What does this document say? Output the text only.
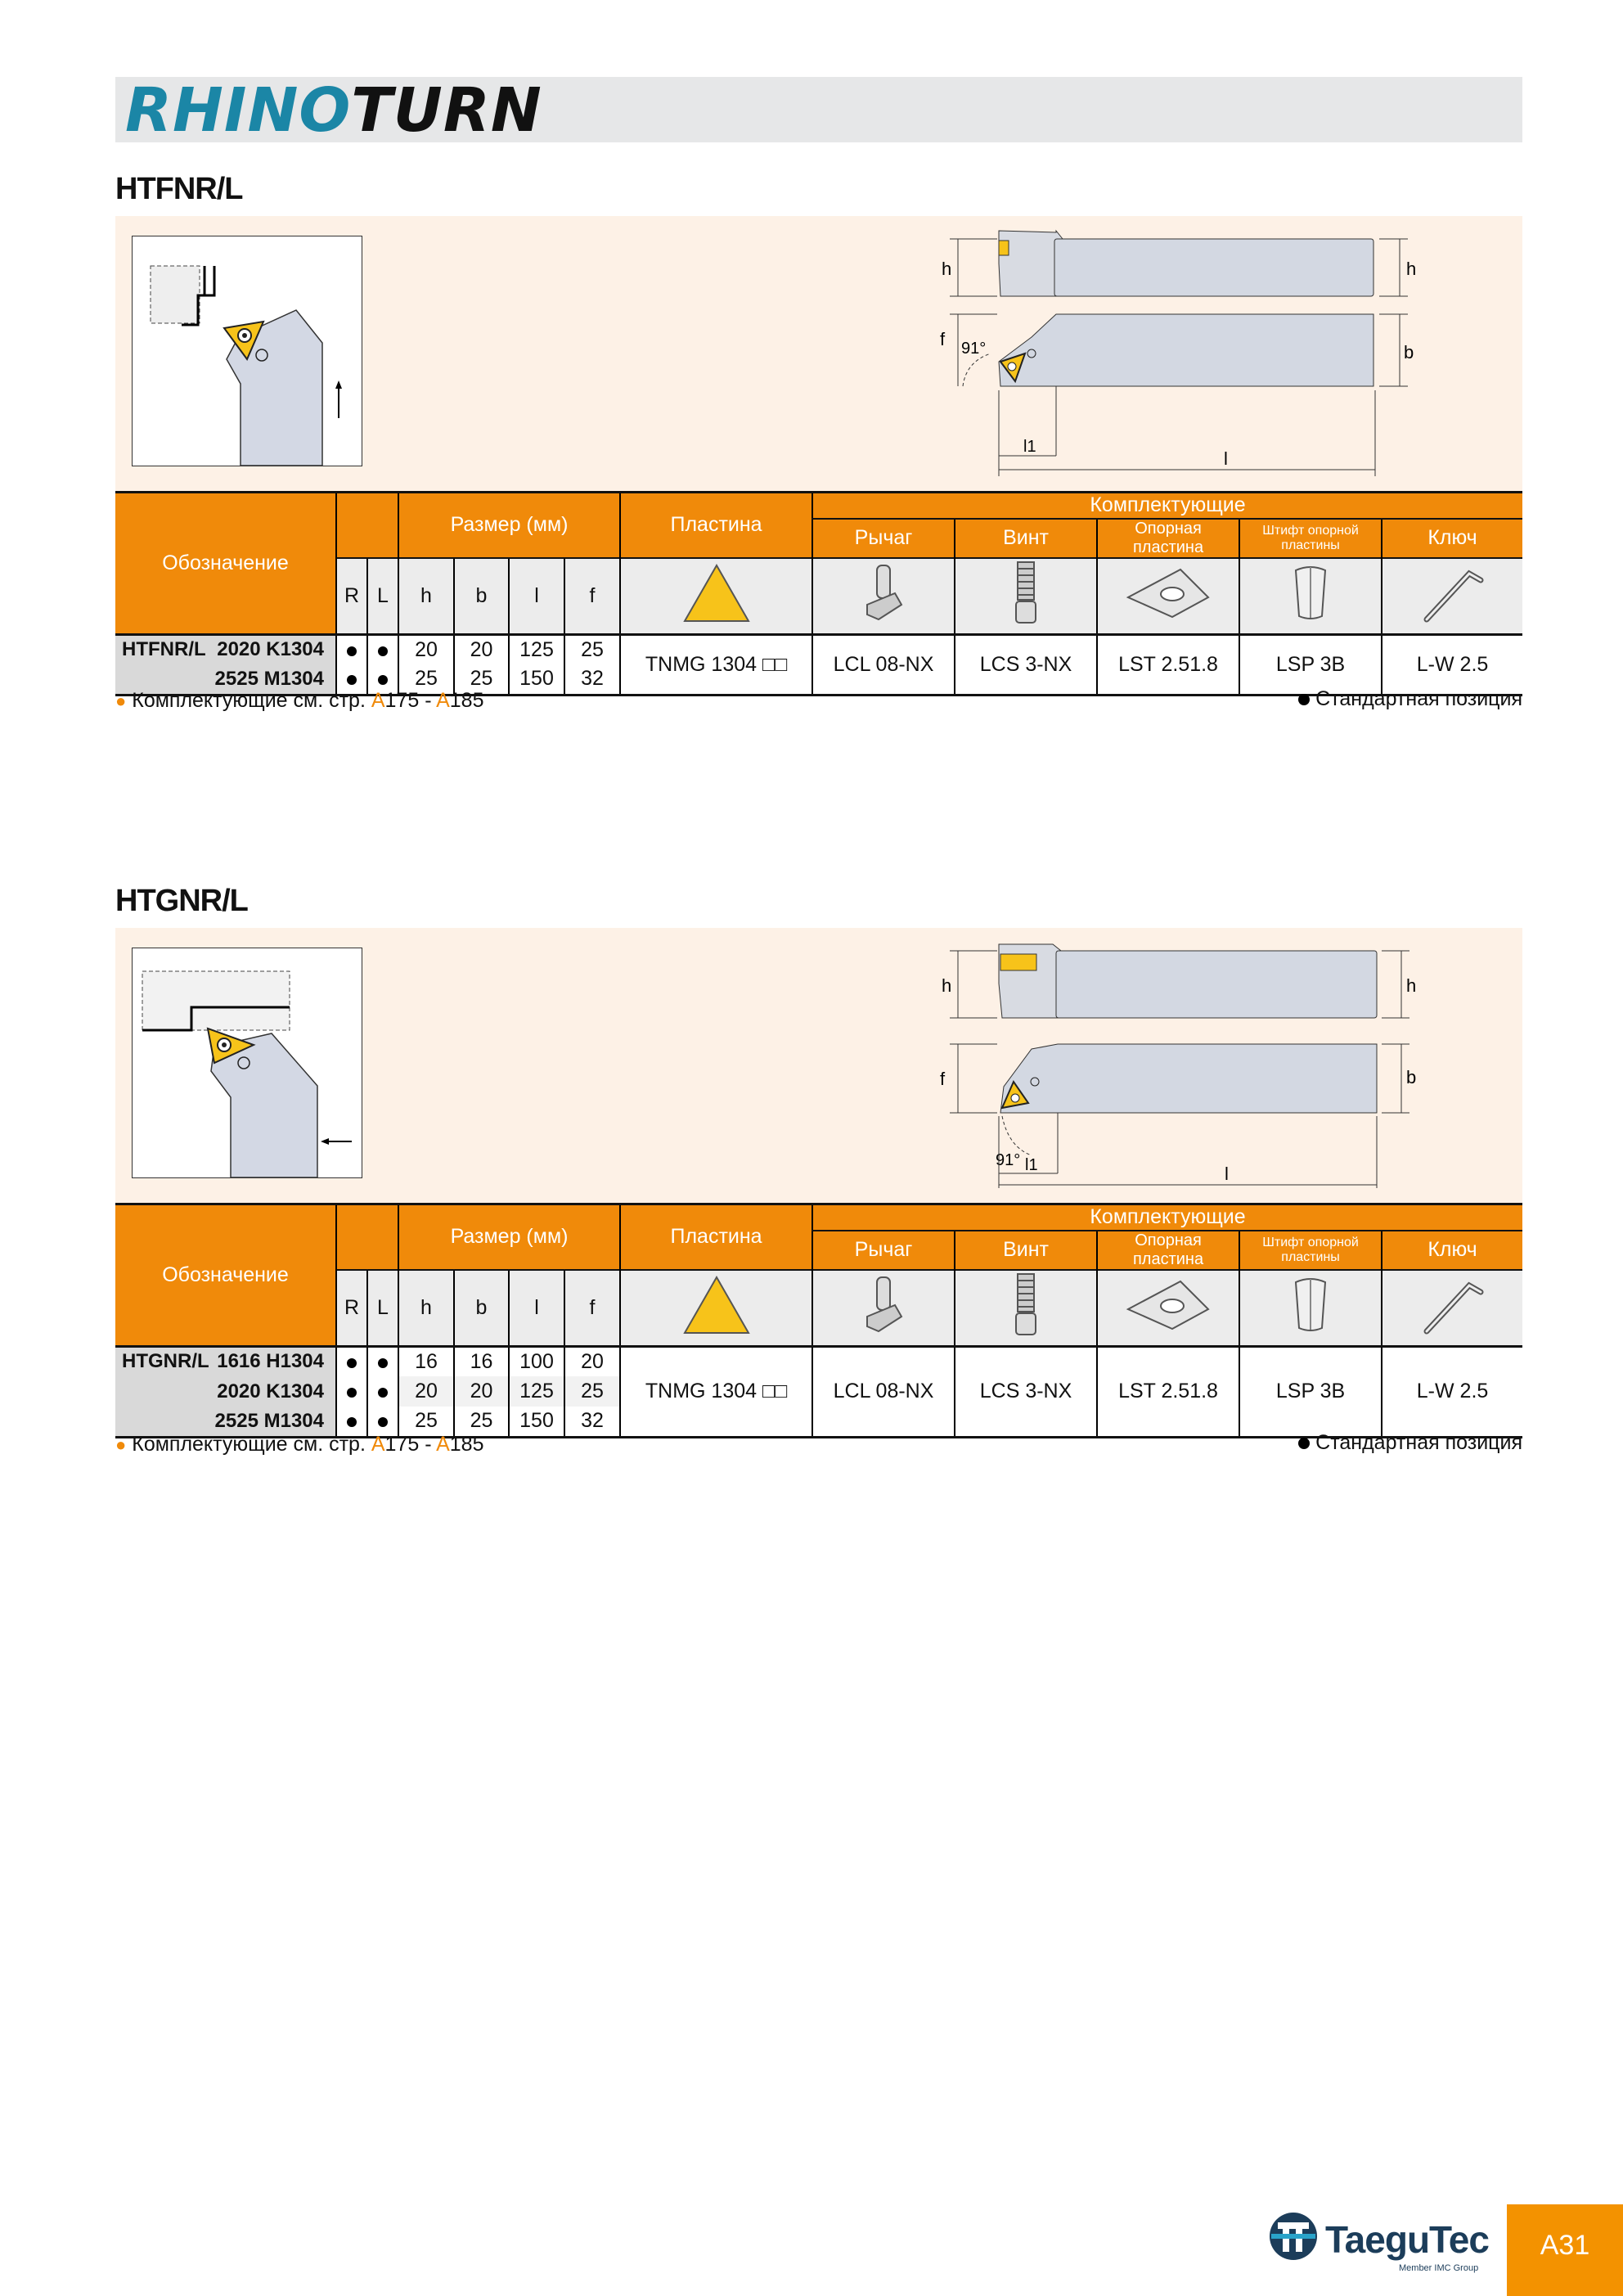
RHINOTURN
HTFNR/L
h	h
f 91°	b
l1
l
Обозначение			Размер (мм)				Пластина	Комплектующие				
								Рычаг	Винт	Опорная пластина	Штифт опорной пластины	Ключ
	R	L	h	b	l	f						

HTFNR/L 2020 K1304			20	20	125	25	TNMG 1304 □□	LCL 08-NX	LCS 3-NX	LST 2.51.8	LSP 3B	L-W 2.5
2525 M1304			25	25	150	32						
● Комплектующие см. стр. A175 - A185	Стандартная позиция
HTGNR/L
h	h
f	b
91° l1	l
Обозначение			Размер (мм)				Пластина	Комплектующие				
								Рычаг	Винт	Опорная пластина	Штифт опорной пластины	Ключ
	R	L	h	b	l	f						

HTGNR/L 1616 H1304			16	16	100	20	TNMG 1304 □□	LCL 08-NX	LCS 3-NX	LST 2.51.8	LSP 3B	L-W 2.5
2020 K1304			20	20	125	25						
2525 M1304			25	25	150	32						
● Комплектующие см. стр. A175 - A185	Стандартная позиция
TaeguTec
Member IMC Group
A31
